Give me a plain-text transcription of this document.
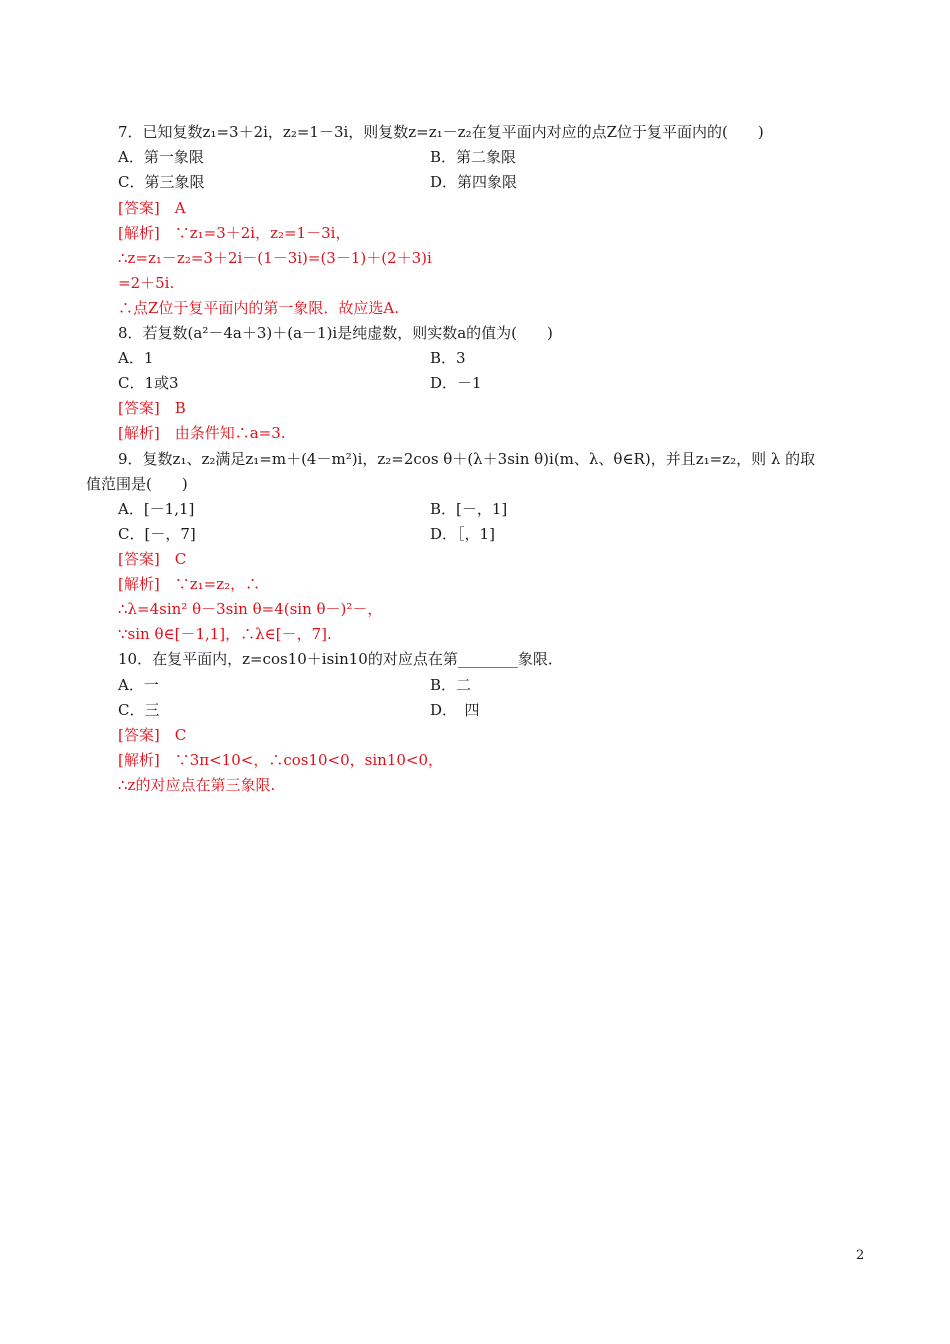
7．已知复数z₁=3＋2i，z₂=1－3i，则复数z=z₁－z₂在复平面内对应的点Z位于复平面内的(　　)
A．第一象限	B．第二象限
C．第三象限	D．第四象限
[答案]　A
[解析]　∵z₁=3＋2i，z₂=1－3i，
∴z=z₁－z₂=3＋2i－(1－3i)=(3－1)＋(2＋3)i
=2＋5i.
∴点Z位于复平面内的第一象限．故应选A.
8．若复数(a²－4a＋3)＋(a－1)i是纯虚数，则实数a的值为(　　)
A．1	B．3
C．1或3	D．－1
[答案]　B
[解析]　由条件知∴a=3.
9．复数z₁、z₂满足z₁=m＋(4－m²)i，z₂=2cos θ＋(λ＋3sin θ)i(m、λ、θ∈R)，并且z₁=z₂，则 λ 的取
值范围是(　　)
A．[－1,1]	B．[－，1]
C．[－，7]	D．［，1]
[答案]　C
[解析]　∵z₁=z₂，∴
∴λ=4sin² θ－3sin θ=4(sin θ－)²－，
∵sin θ∈[－1,1]，∴λ∈[－，7].
10．在复平面内，z=cos10＋isin10的对应点在第________象限．
A．一	B．二
C．三	D．　四
[答案]　C
[解析]　∵3π<10<，∴cos10<0，sin10<0，
∴z的对应点在第三象限.
2
